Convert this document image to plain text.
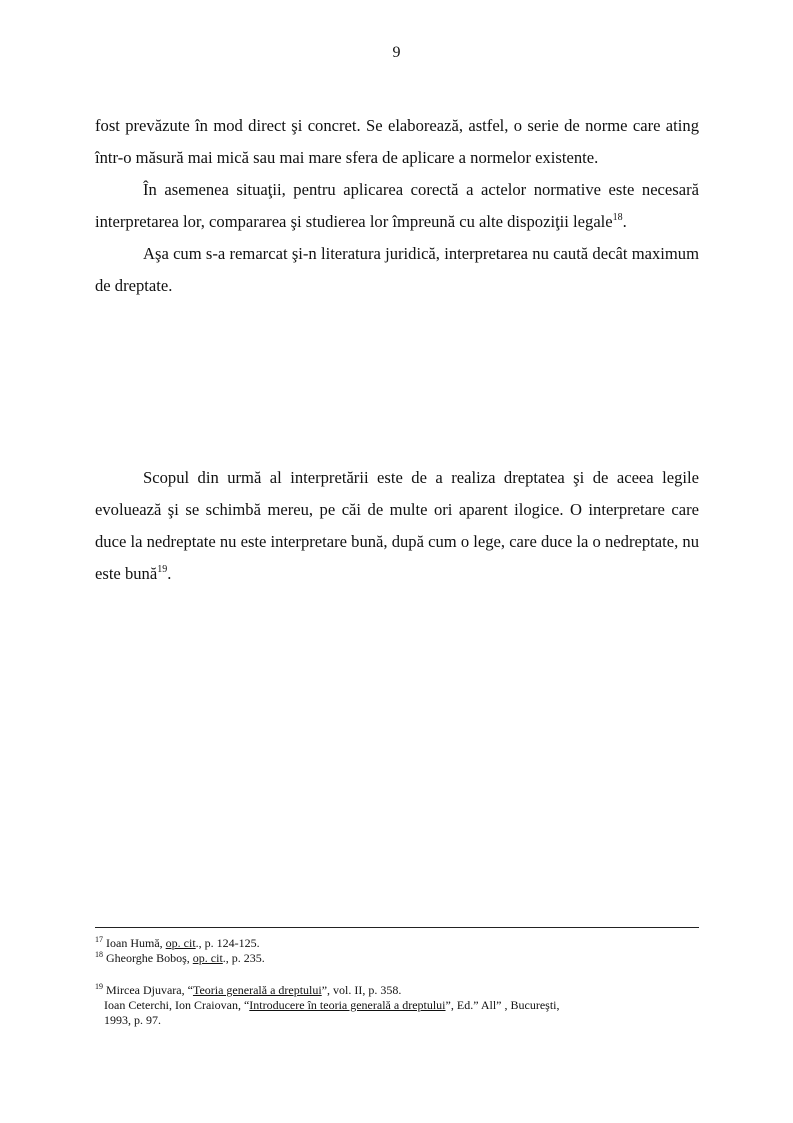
9

fost prevăzute în mod direct şi concret. Se elaborează, astfel, o serie de norme care ating într-o măsură mai mică sau mai mare sfera de aplicare a normelor existente.

În asemenea situaţii, pentru aplicarea corectă a actelor normative este necesară interpretarea lor, compararea şi studierea lor împreună cu alte dispoziţii legale$^{18}$.

Aşa cum s-a remarcat şi-n literatura juridică, interpretarea nu caută decât maximum de dreptate.

Scopul din urmă al interpretării este de a realiza dreptatea şi de aceea legile evoluează şi se schimbă mereu, pe căi de multe ori aparent ilogice. O interpretare care duce la nedreptate nu este interpretare bună, după cum o lege, care duce la o nedreptate, nu este bună$^{19}$.

$^{17}$ Ioan Humă, op. cit., p. 124-125.

$^{18}$ Gheorghe Boboş, op. cit., p. 235.

$^{19}$ Mircea Djuvara, “Teoria generală a dreptului”, vol. II, p. 358.

Ioan Ceterchi, Ion Craiovan, “Introducere în teoria generală a dreptului”, Ed.” All” , Bucureşti,

1993, p. 97.
